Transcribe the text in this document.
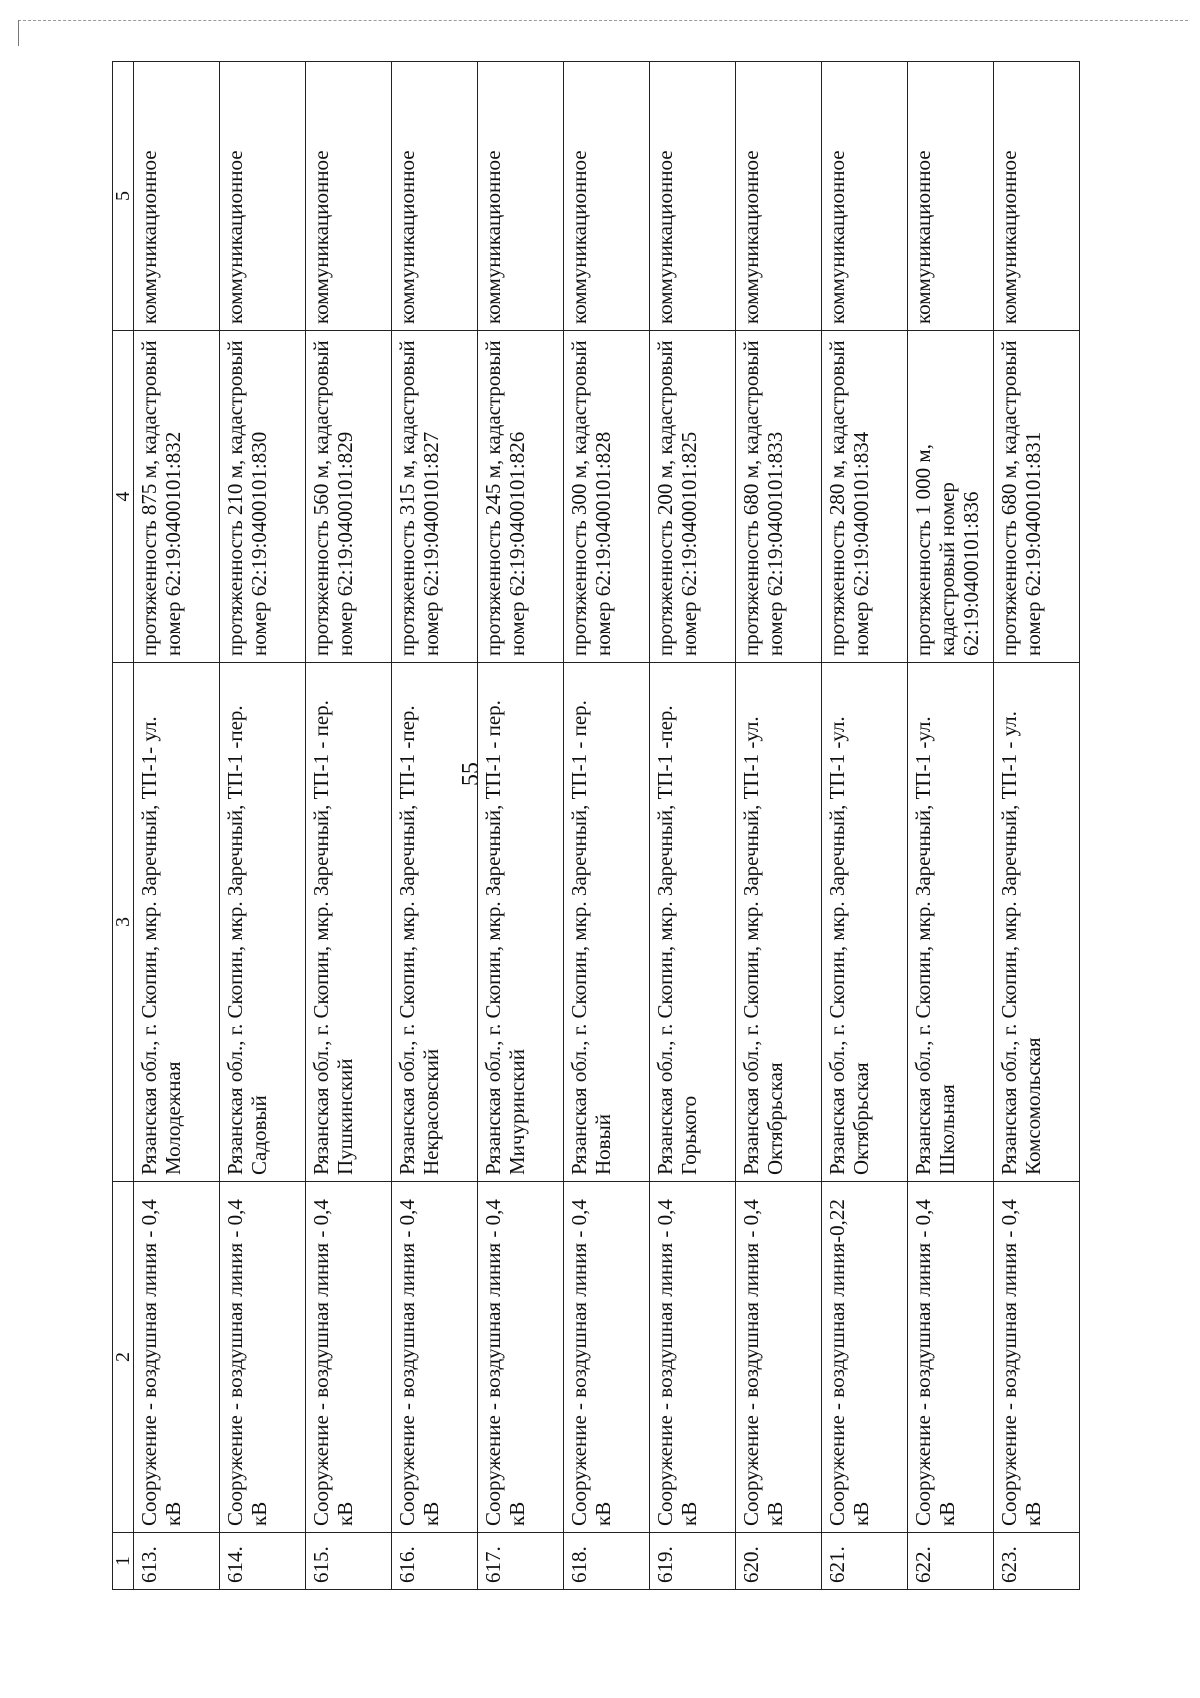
55
1	2	3	4	5
613.	Сооружение - воздушная линия - 0,4 кВ	Рязанская обл., г. Скопин, мкр. Заречный, ТП-1- ул. Молодежная	протяженность 875 м, кадастровый номер 62:19:0400101:832	коммуникационное
614.	Сооружение - воздушная линия - 0,4 кВ	Рязанская обл., г. Скопин, мкр. Заречный, ТП-1 -пер. Садовый	протяженность 210 м, кадастровый номер 62:19:0400101:830	коммуникационное
615.	Сооружение - воздушная линия - 0,4 кВ	Рязанская обл., г. Скопин, мкр. Заречный, ТП-1 - пер. Пушкинский	протяженность 560 м, кадастровый номер 62:19:0400101:829	коммуникационное
616.	Сооружение - воздушная линия - 0,4 кВ	Рязанская обл., г. Скопин, мкр. Заречный, ТП-1 -пер. Некрасовский	протяженность 315 м, кадастровый номер 62:19:0400101:827	коммуникационное
617.	Сооружение - воздушная линия - 0,4 кВ	Рязанская обл., г. Скопин, мкр. Заречный, ТП-1 - пер. Мичуринский	протяженность 245 м, кадастровый номер 62:19:0400101:826	коммуникационное
618.	Сооружение - воздушная линия - 0,4 кВ	Рязанская обл., г. Скопин, мкр. Заречный, ТП-1 - пер. Новый	протяженность 300 м, кадастровый номер 62:19:0400101:828	коммуникационное
619.	Сооружение - воздушная линия - 0,4 кВ	Рязанская обл., г. Скопин, мкр. Заречный, ТП-1 -пер. Горького	протяженность 200 м, кадастровый номер 62:19:0400101:825	коммуникационное
620.	Сооружение - воздушная линия - 0,4 кВ	Рязанская обл., г. Скопин, мкр. Заречный, ТП-1 -ул. Октябрьская	протяженность 680 м, кадастровый номер 62:19:0400101:833	коммуникационное
621.	Сооружение - воздушная линия-0,22 кВ	Рязанская обл., г. Скопин, мкр. Заречный, ТП-1 -ул. Октябрьская	протяженность 280 м, кадастровый номер 62:19:0400101:834	коммуникационное
622.	Сооружение - воздушная линия - 0,4 кВ	Рязанская обл., г. Скопин, мкр. Заречный, ТП-1 -ул. Школьная	протяженность 1 000 м, кадастровый номер 62:19:0400101:836	коммуникационное
623.	Сооружение - воздушная линия - 0,4 кВ	Рязанская обл., г. Скопин, мкр. Заречный, ТП-1 - ул. Комсомольская	протяженность 680 м, кадастровый номер 62:19:0400101:831	коммуникационное
